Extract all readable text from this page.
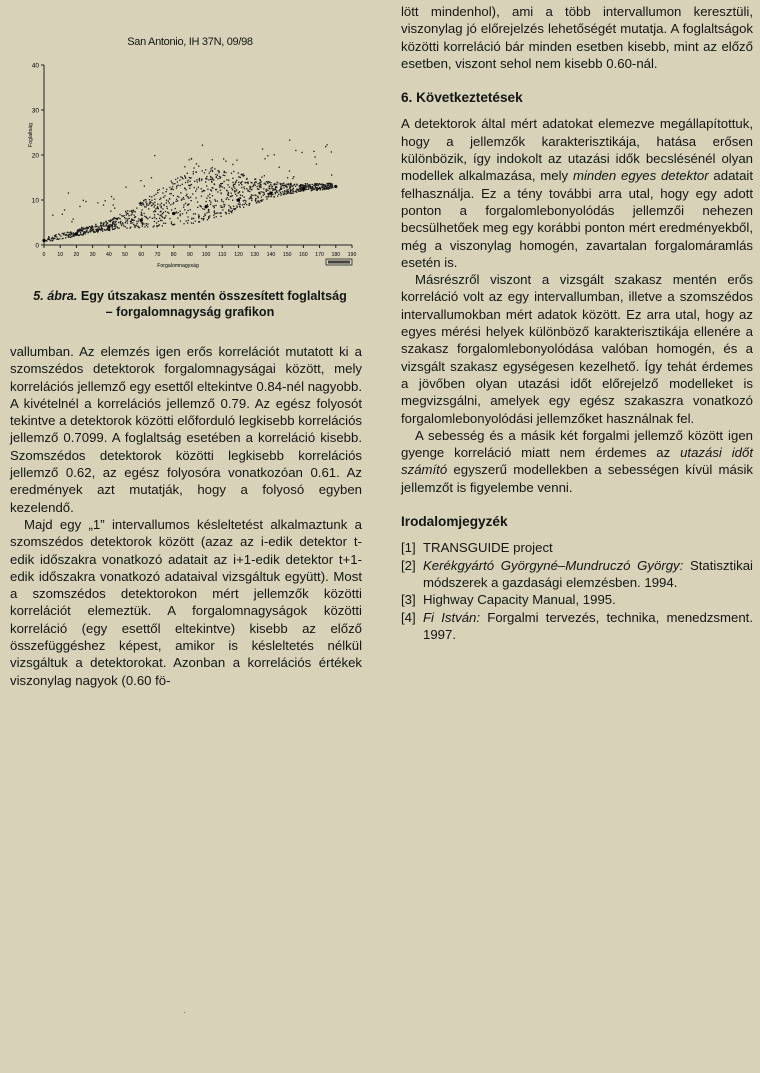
San Antonio, IH 37N, 09/98
0
10
20
30
40
0 10 20 30 40 50 60 70 80 90 100 110 120 130 140 150 160 170 180 190
Forgalomnagyság
Foglaltság
5. ábra. Egy útszakasz mentén összesített foglaltság
– forgalomnagyság grafikon

vallumban. Az elemzés igen erős korrelációt mutatott ki a szomszédos detektorok forgalomnagyságai között, mely korrelációs jellemző egy esettől eltekintve 0.84-nél nagyobb. A kivételnél a korrelációs jellemző 0.79. Az egész folyosót tekintve a detektorok közötti előforduló legkisebb korrelációs jellemző 0.7099. A foglaltság esetében a korreláció kisebb. Szomszédos detektorok közötti legkisebb korrelációs jellemző 0.62, az egész folyosóra vonatkozóan 0.61. Az eredmények azt mutatják, hogy a folyosó egyben kezelendő.

Majd egy „1” intervallumos késleltetést alkalmaztunk a szomszédos detektorok között (azaz az i-edik detektor t-edik időszakra vonatkozó adatait az i+1-edik detektor t+1-edik időszakra vonatkozó adataival vizsgáltuk együtt). Most a szomszédos detektorokon mért jellemzők közötti korrelációt elemeztük. A forgalomnagyságok közötti korreláció (egy esettől eltekintve) kisebb az előző összefüggéshez képest, amikor is késleltetés nélkül vizsgáltuk a detektorokat. Azonban a korrelációs értékek viszonylag nagyok (0.60 fö-

lött mindenhol), ami a több intervallumon keresztüli, viszonylag jó előrejelzés lehetőségét mutatja. A foglaltságok közötti korreláció bár minden esetben kisebb, mint az előző esetben, viszont sehol nem kisebb 0.60-nál.

6. Következtetések

A detektorok által mért adatokat elemezve megállapítottuk, hogy a jellemzők karakterisztikája, hatása erősen különbözik, így indokolt az utazási idők becslésénél olyan modellek alkalmazása, mely minden egyes detektor adatait felhasználja. Ez a tény további arra utal, hogy egy adott ponton a forgalomlebonyolódás jellemzői nehezen becsülhetőek meg egy korábbi ponton mért eredményekből, még a viszonylag homogén, zavartalan forgalomáramlás esetén is.

Másrészről viszont a vizsgált szakasz mentén erős korreláció volt az egy intervallumban, illetve a szomszédos intervallumokban mért adatok között. Ez arra utal, hogy az egyes mérési helyek különböző karakterisztikája ellenére a szakasz forgalomlebonyolódása valóban homogén, és a vizsgált szakasz egységesen kezelhető. Így tehát érdemes a jövőben olyan utazási időt előrejelző modelleket is megvizsgálni, amelyek egy egész szakaszra vonatkozó forgalomlebonyolódási jellemzőket használnak fel.

A sebesség és a másik két forgalmi jellemző között igen gyenge korreláció miatt nem érdemes az utazási időt számító egyszerű modellekben a sebességen kívül másik jellemzőt is figyelembe venni.

Irodalomjegyzék
[1] TRANSGUIDE project
[2] Kerékgyártó Györgyné–Mundruczó György: Statisztikai módszerek a gazdasági elemzésben. 1994.
[3] Highway Capacity Manual, 1995.
[4] Fi István: Forgalmi tervezés, technika, menedzsment. 1997.
·
